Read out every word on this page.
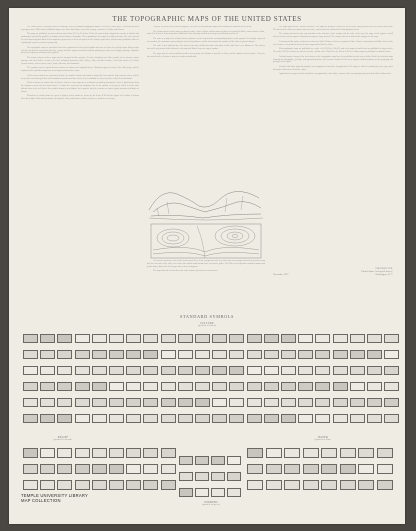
THE TOPOGRAPHIC MAPS OF THE UNITED STATES

The United States Geological Survey is making a series of standard topographic maps to cover the United States. This work has been in progress since 1882, and the published maps cover more than 40 per cent of the country, exclusive of Alaska and Hawaii.

The maps are published on sheets that measure about 16½ by 20 inches. Under the general plan adopted the country is divided into quadrangles bounded by parallels of latitude and meridians of longitude. These quadrangles are mapped on different scales, the scale selected for each map being that which is best adapted to general use in the development of the country represented, and the map is published either as a quadrangle map or as part of a group map.

The topographic maps are intended to meet the requirements of the general public and serve as a base for geologic maps. Many people find uses for them in connection with city, county, and State improvements and with the planning of roads, water supply, drainage, irrigation, power development, and many other projects.

The features shown on these maps may be arranged in three groups: (1) water, including seas, lakes, ponds, rivers, streams, canals, swamps, and other bodies of water; (2) relief, including mountains, hills, valleys, cliffs, and other features of the land surface; (3) culture (works of man), such as towns, cities, roads, railroads, and boundaries.

The symbols used to represent these features are shown and explained below. Variations appear in some of the older maps, and the symbols on the published maps have been improved from time to time.

All the water features are represented in blue, the smaller streams and canals in single blue lines and the larger streams, lakes, and the sea by blue water lining or blue tint. Intermittent streams and those whose flow is doubtful are shown by lines of blue dots and dashes.

Relief is shown by contour lines in brown, which on some maps are accentuated by shading showing the effect of light thrown from the northwest across the area represented. A contour line represents an imaginary line on the ground every part of which is at the same altitude above sea level. Such a line could be drawn at any altitude, but in practice only the contours at certain regular intervals of altitude are shown.

Elevations of certain points are given in figures; bench marks are shown by the letters B M and the figures of elevation. Contours show the height of hills and mountains, the depth of valleys and basins, and the steepness or gentleness of slopes.

A survey of Puerto Rico is now in progress. The scales of the published maps of the islands are indicated on the sheets.

The features shown on the maps are drawn in three colors. Culture and the names of places are printed in black, water features in blue, and relief in brown. Some maps have additional colors showing wooded areas in green and urban areas in red.

The scale of a map is the relation between distance on the map and the corresponding distance on the ground. It is usually expressed as a fraction, the numerator representing the unit of map distance and the denominator the number of like units of ground distance.

The scale is also indicated by a bar scale on the map, divided into miles and parts of miles and into feet or kilometers. The contour interval is also printed at the bottom of each map and differs from one map to another.

The maps may be used to find the position of any point, the altitude of any hill or valley, and the distance between places. They are also useful in the selection of routes for roads and railroads.

The sketch represents a river valley between two hills. In the foreground is the sea, with a bay that is partly enclosed by a hooked sand bar. On each side of the valley is a terrace into which small streams have cut narrow gullies. The hill on the right has a rounded summit and gentle slopes; that on the left merges into a steep escarpment.

The map below the sketch shows the same features by means of contour lines.

The maps represent the Nation's resources. The maps are intended to meet the needs of the many persons who use them in their work. The sheets of the different regions vary as to scale, contour interval, and the kind of information shown.

The contour interval on any map depends on the character of the country and the scale of the map. On maps of flat regions a small interval is used, and on maps of mountainous regions a large interval. The contour interval is stated in the margin of each map.

Lettering and the names of places are shown in black. Names of rivers are printed in blue. Names of mountains and hills, and of other relief features, are printed in brown in some maps and in black in others.

Most quadrangle maps are published on a scale of 1:62,500 or 1:24,000, and a few maps of small areas are published on larger scales. The scale 1:62,500 is about one inch to one mile, and the scale 1:24,000 is one inch to 2,000 feet. Other maps are published on smaller scales.

Geologic maps of many of the areas shown on the topographic maps have been published in the form of folios. Each folio includes maps showing the topographic, geologic, underground structure, and economic features of the areas, together with descriptions of the geography and geology of the region.

Circulars and index maps showing the areas mapped are issued free on application. The maps are sold at a nominal price per copy, and a discount is allowed on wholesale orders.

Applications for maps or folios should be accompanied by cash, draft, or money order (not postage stamps) and should be addressed to

THE DIRECTOR,
United States Geological Survey,
November 1937	Washington, D. C.
STANDARD SYMBOLS
CULTURE
(printed in black)
RELIEF
(printed in brown)
WATER
(printed in blue)
WOODED
(printed in green)
TEMPLE UNIVERSITY LIBRARY
MAP COLLECTION
